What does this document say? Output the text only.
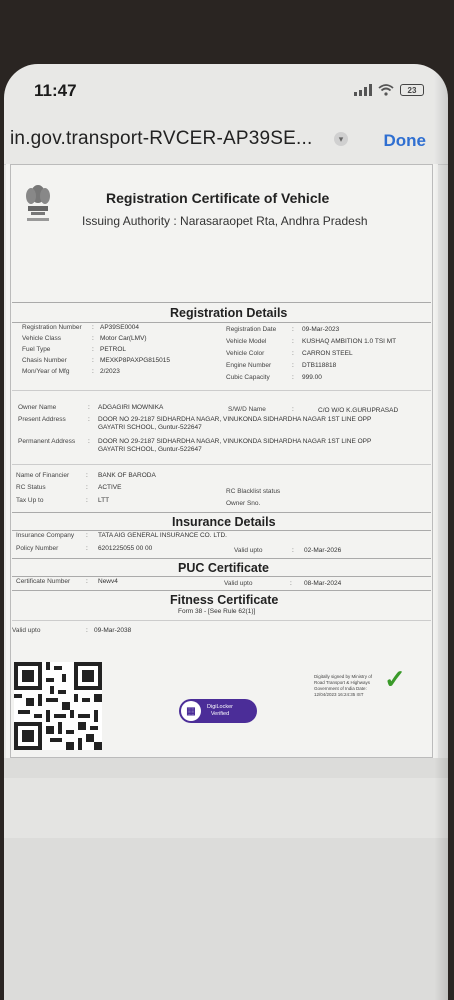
11:47	23
in.gov.transport-RVCER-AP39SE...	▾ Done
Registration Certificate of Vehicle
Issuing Authority : Narasaraopet Rta, Andhra Pradesh
Registration Details
Registration Number : AP39SE0004
Vehicle Class	: Motor Car(LMV)
Fuel Type	: PETROL
Chasis Number	: MEXKP8PAXPG815015
Mon/Year of Mfg	: 2/2023
Registration Date : 09-Mar-2023
Vehicle Model	: KUSHAQ AMBITION 1.0 TSI MT
Vehicle Color	: CARRON STEEL
Engine Number	: DTB118818
Cubic Capacity	: 999.00
Owner Name	: ADGAGIRI MOWNIKA	S/W/D Name	:	C/O W/O K.GURUPRASAD
Present Address	: DOOR NO 29-2187 SIDHARDHA NAGAR, VINUKONDA SIDHARDHA NAGAR 1ST LINE OPP
GAYATRI SCHOOL, Guntur-522647
Permanent Address : DOOR NO 29-2187 SIDHARDHA NAGAR, VINUKONDA SIDHARDHA NAGAR 1ST LINE OPP
GAYATRI SCHOOL, Guntur-522647
Name of Financier	: BANK OF BARODA
RC Status	: ACTIVE
RC Blacklist status
Tax Up to	: LTT	Owner Sno.
Insurance Details
Insurance Company : TATA AIG GENERAL INSURANCE CO. LTD.
Policy Number	: 6201225055 00 00	Valid upto	: 02-Mar-2026
PUC Certificate
Certificate Number : Newv4	Valid upto	: 08-Mar-2024
Fitness Certificate
Form 38 - [See Rule 62(1)]
Valid upto	: 09-Mar-2038
▦	DigiLocker
Verified
Digitally signed by Ministry of Road Transport & Highways Government of India Date: 12/04/2023 16:24:35 IST
✓
